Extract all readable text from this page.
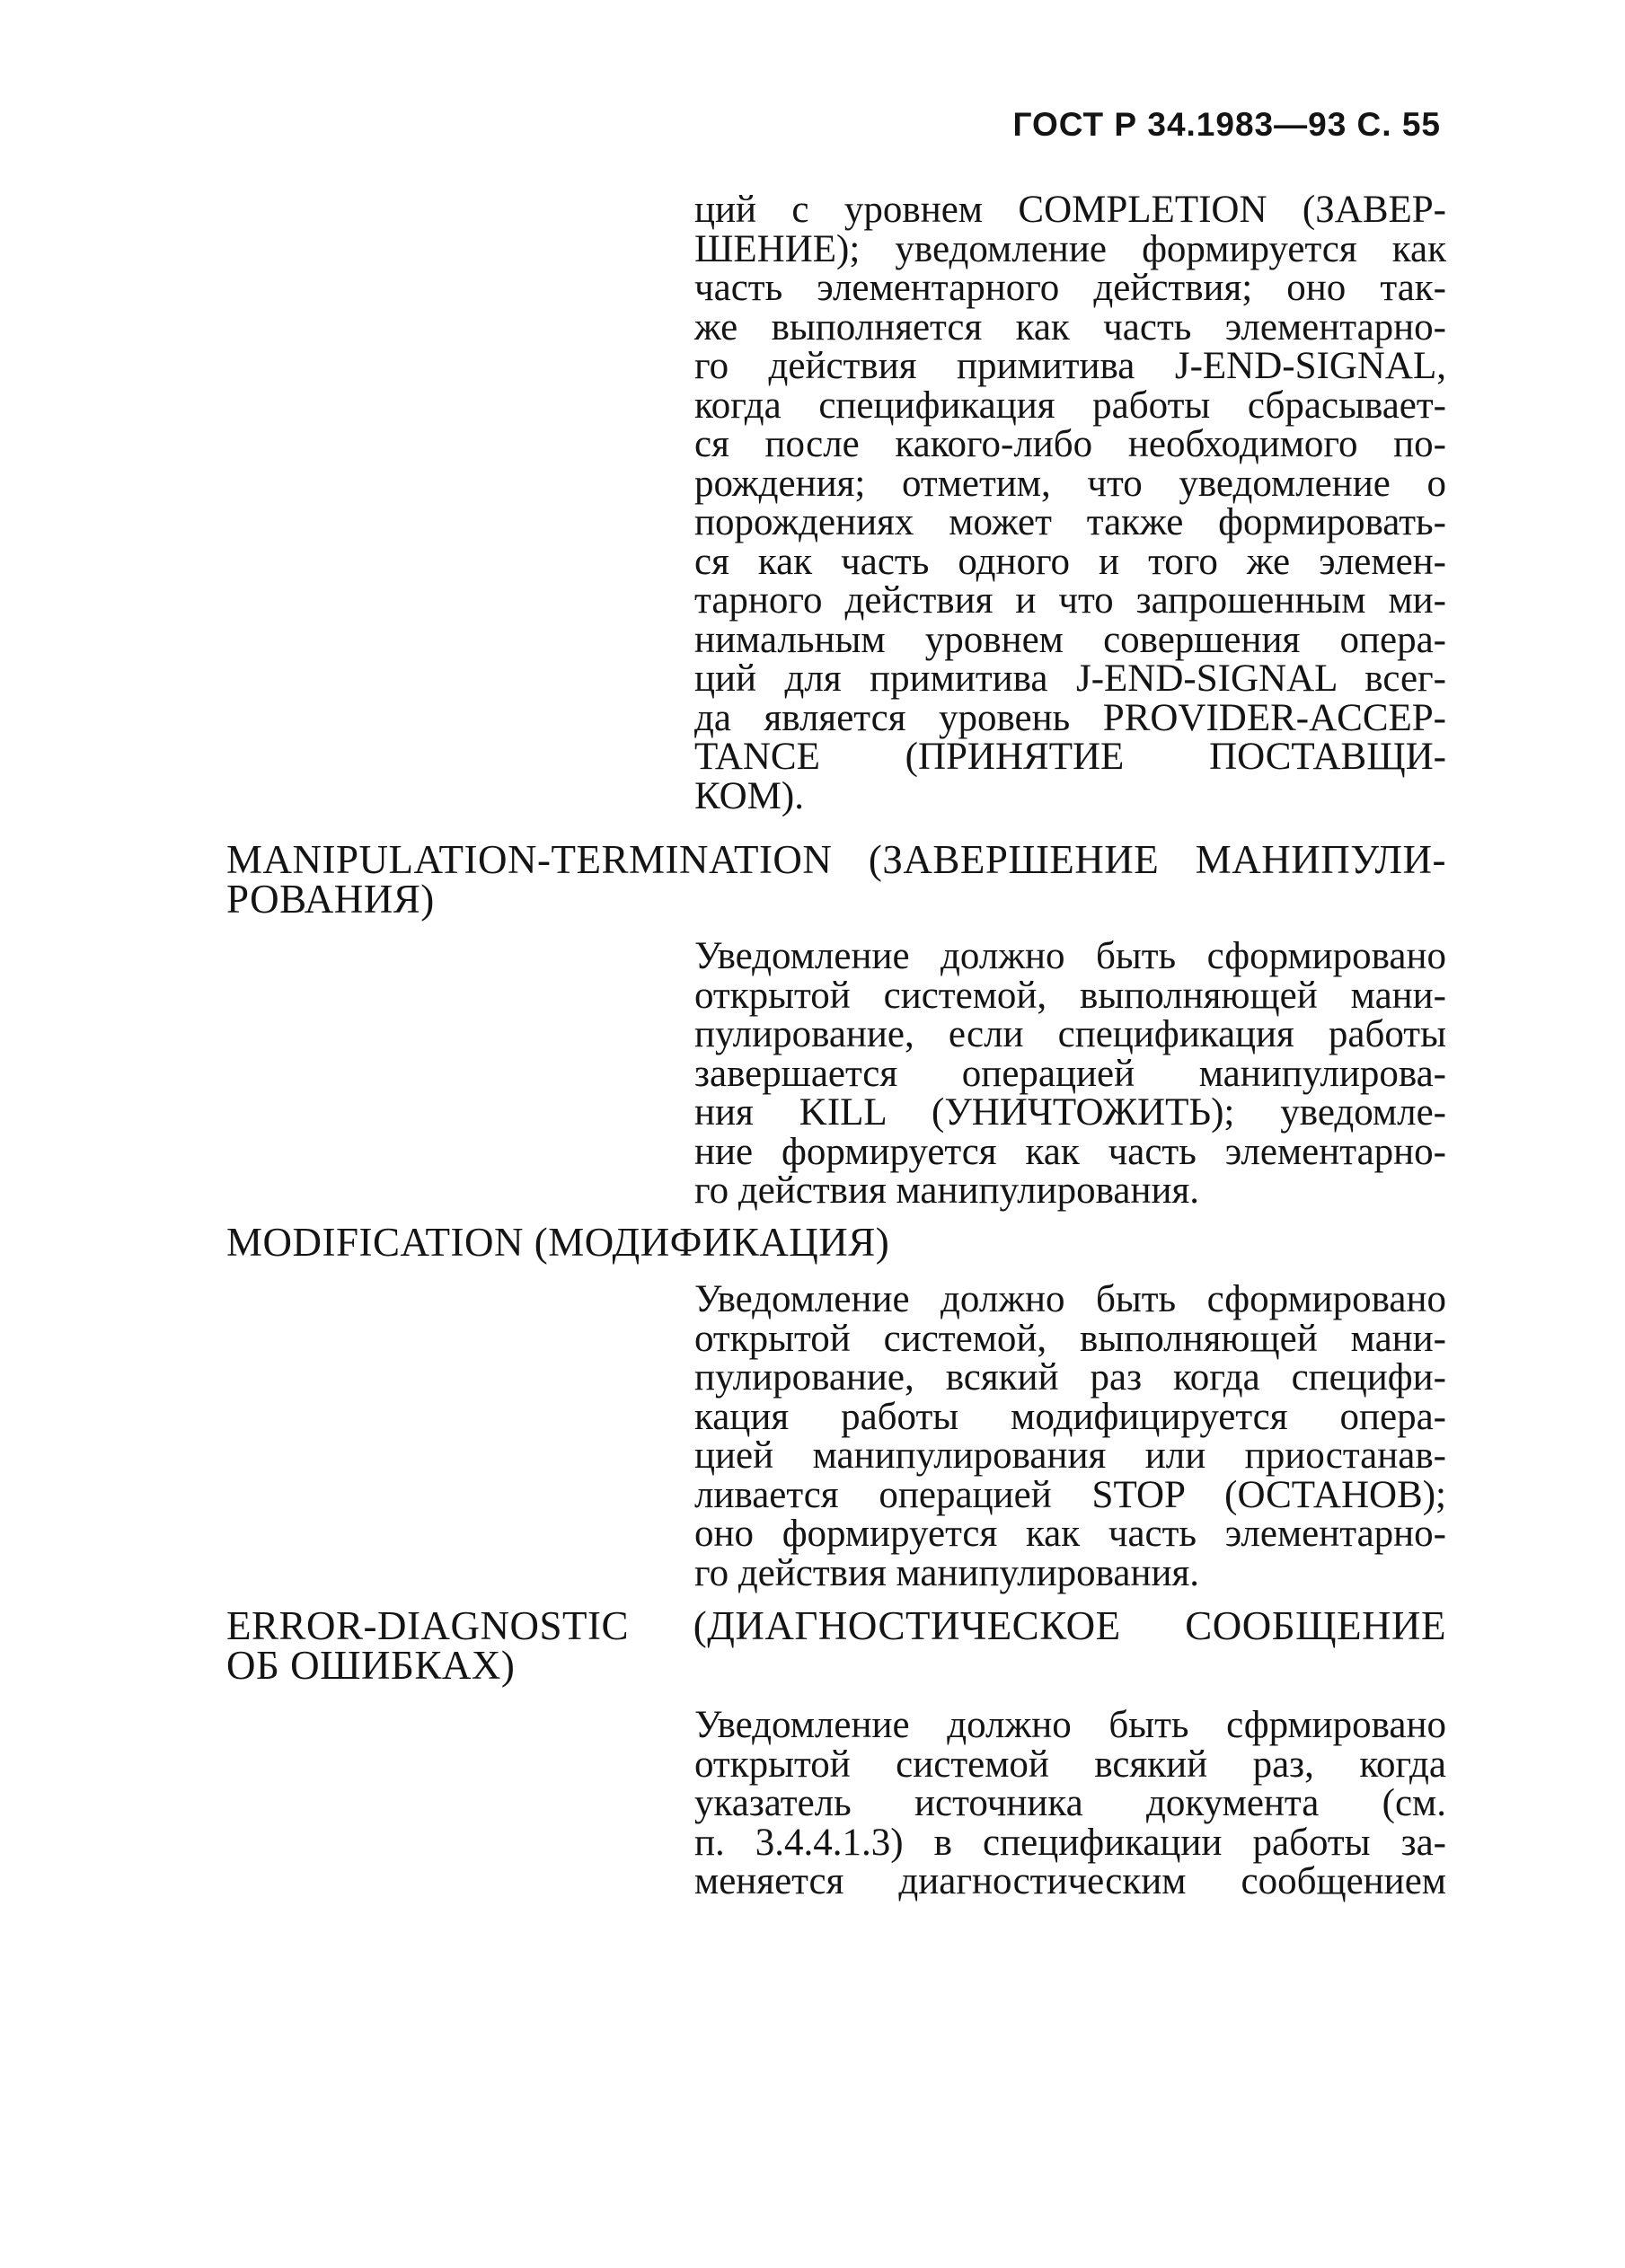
ГОСТ Р 34.1983—93 С. 55
ций с уровнем COMPLETION (ЗАВЕР-
ШЕНИЕ); уведомление формируется как
часть элементарного действия; оно так-
же выполняется как часть элементарно-
го действия примитива J-END-SIGNAL,
когда спецификация работы сбрасывает-
ся после какого-либо необходимого по-
рождения; отметим, что уведомление о
порождениях может также формировать-
ся как часть одного и того же элемен-
тарного действия и что запрошенным ми-
нимальным уровнем совершения опера-
ций для примитива J-END-SIGNAL всег-
да является уровень PROVIDER-ACCEP-
TANCE (ПРИНЯТИЕ ПОСТАВЩИ-
КОМ).
MANIPULATION-TERMINATION (ЗАВЕРШЕНИЕ МАНИПУЛИ-
РОВАНИЯ)
Уведомление должно быть сформировано
открытой системой, выполняющей мани-
пулирование, если спецификация работы
завершается операцией манипулирова-
ния KILL (УНИЧТОЖИТЬ); уведомле-
ние формируется как часть элементарно-
го действия манипулирования.
MODIFICATION (МОДИФИКАЦИЯ)
Уведомление должно быть сформировано
открытой системой, выполняющей мани-
пулирование, всякий раз когда специфи-
кация работы модифицируется опера-
цией манипулирования или приостанав-
ливается операцией STOP (ОСТАНОВ);
оно формируется как часть элементарно-
го действия манипулирования.
ERROR-DIAGNOSTIC (ДИАГНОСТИЧЕСКОЕ СООБЩЕНИЕ
ОБ ОШИБКАХ)
Уведомление должно быть сфрмировано
открытой системой всякий раз, когда
указатель источника документа (см.
п. 3.4.4.1.3) в спецификации работы за-
меняется диагностическим сообщением
